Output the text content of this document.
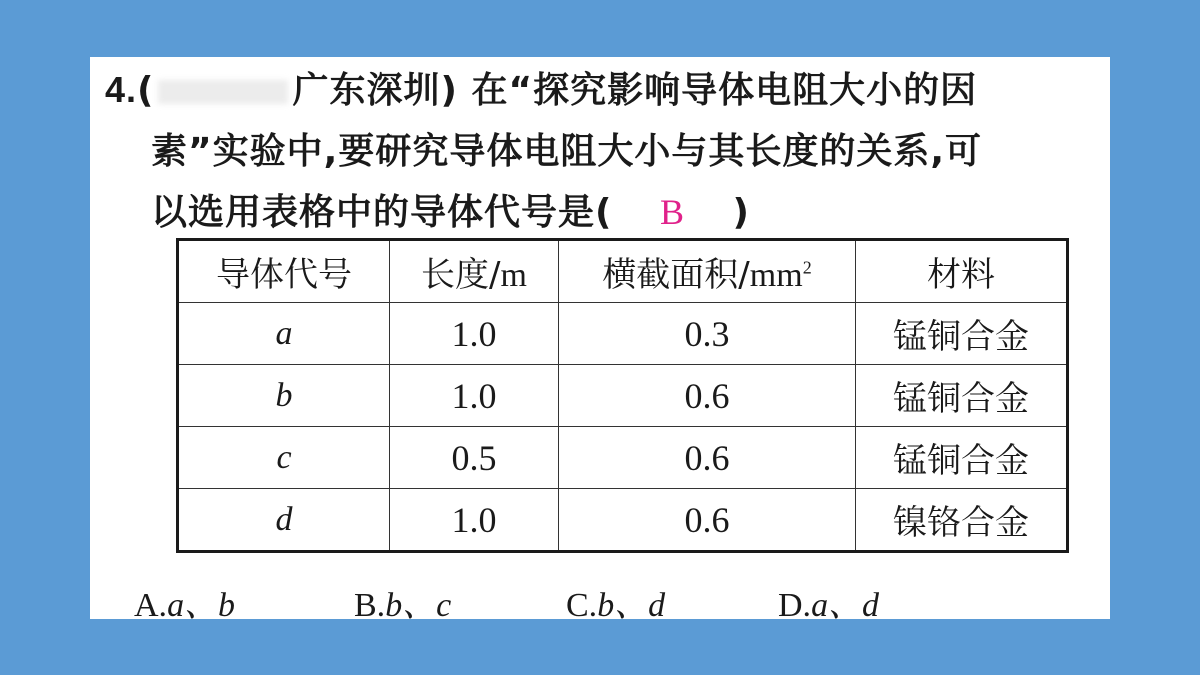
4.(	广东深圳) 在“探究影响导体电阻大小的因
素”实验中,要研究导体电阻大小与其长度的关系,可
以选用表格中的导体代号是( B )
导体代号	长度/m	横截面积$/mm^2$	材料
a	1.0	0.3	锰铜合金
b	1.0	0.6	锰铜合金
c	0.5	0.6	锰铜合金
d	1.0	0.6	镍铬合金
A.a、b	B.b、c	C.b、d	D.a、d
